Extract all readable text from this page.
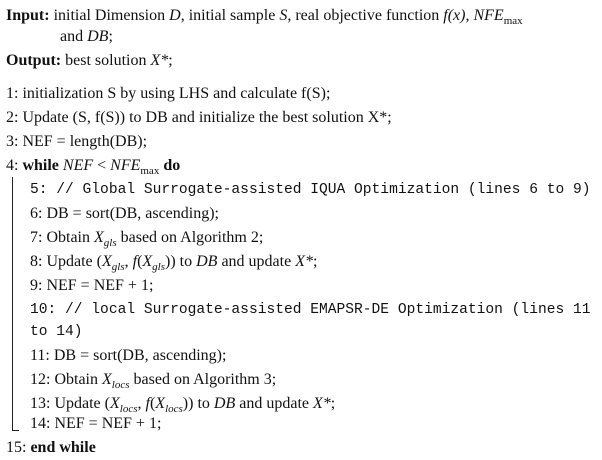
Input: initial Dimension D, initial sample S, real objective function f(x), $NFE_{max}$
and DB;
Output: best solution X*;
1: initialization S by using LHS and calculate f(S);
2: Update (S, f(S)) to DB and initialize the best solution X*;
3: NEF = length(DB);
4: while NEF < $NFE_{max}$ do
5: // Global Surrogate-assisted IQUA Optimization (lines 6 to 9)
6: DB = sort(DB, ascending);
7: Obtain $X_{gls}$ based on Algorithm 2;
8: Update ($X_{gls}$, $f(X_{gls})$) to DB and update X*;
9: NEF = NEF + 1;
10: // local Surrogate-assisted EMAPSR-DE Optimization (lines 11
to 14)
11: DB = sort(DB, ascending);
12: Obtain $X_{locs}$ based on Algorithm 3;
13: Update ($X_{locs}$, $f(X_{locs})$) to DB and update X*;
14: NEF = NEF + 1;
15: end while
